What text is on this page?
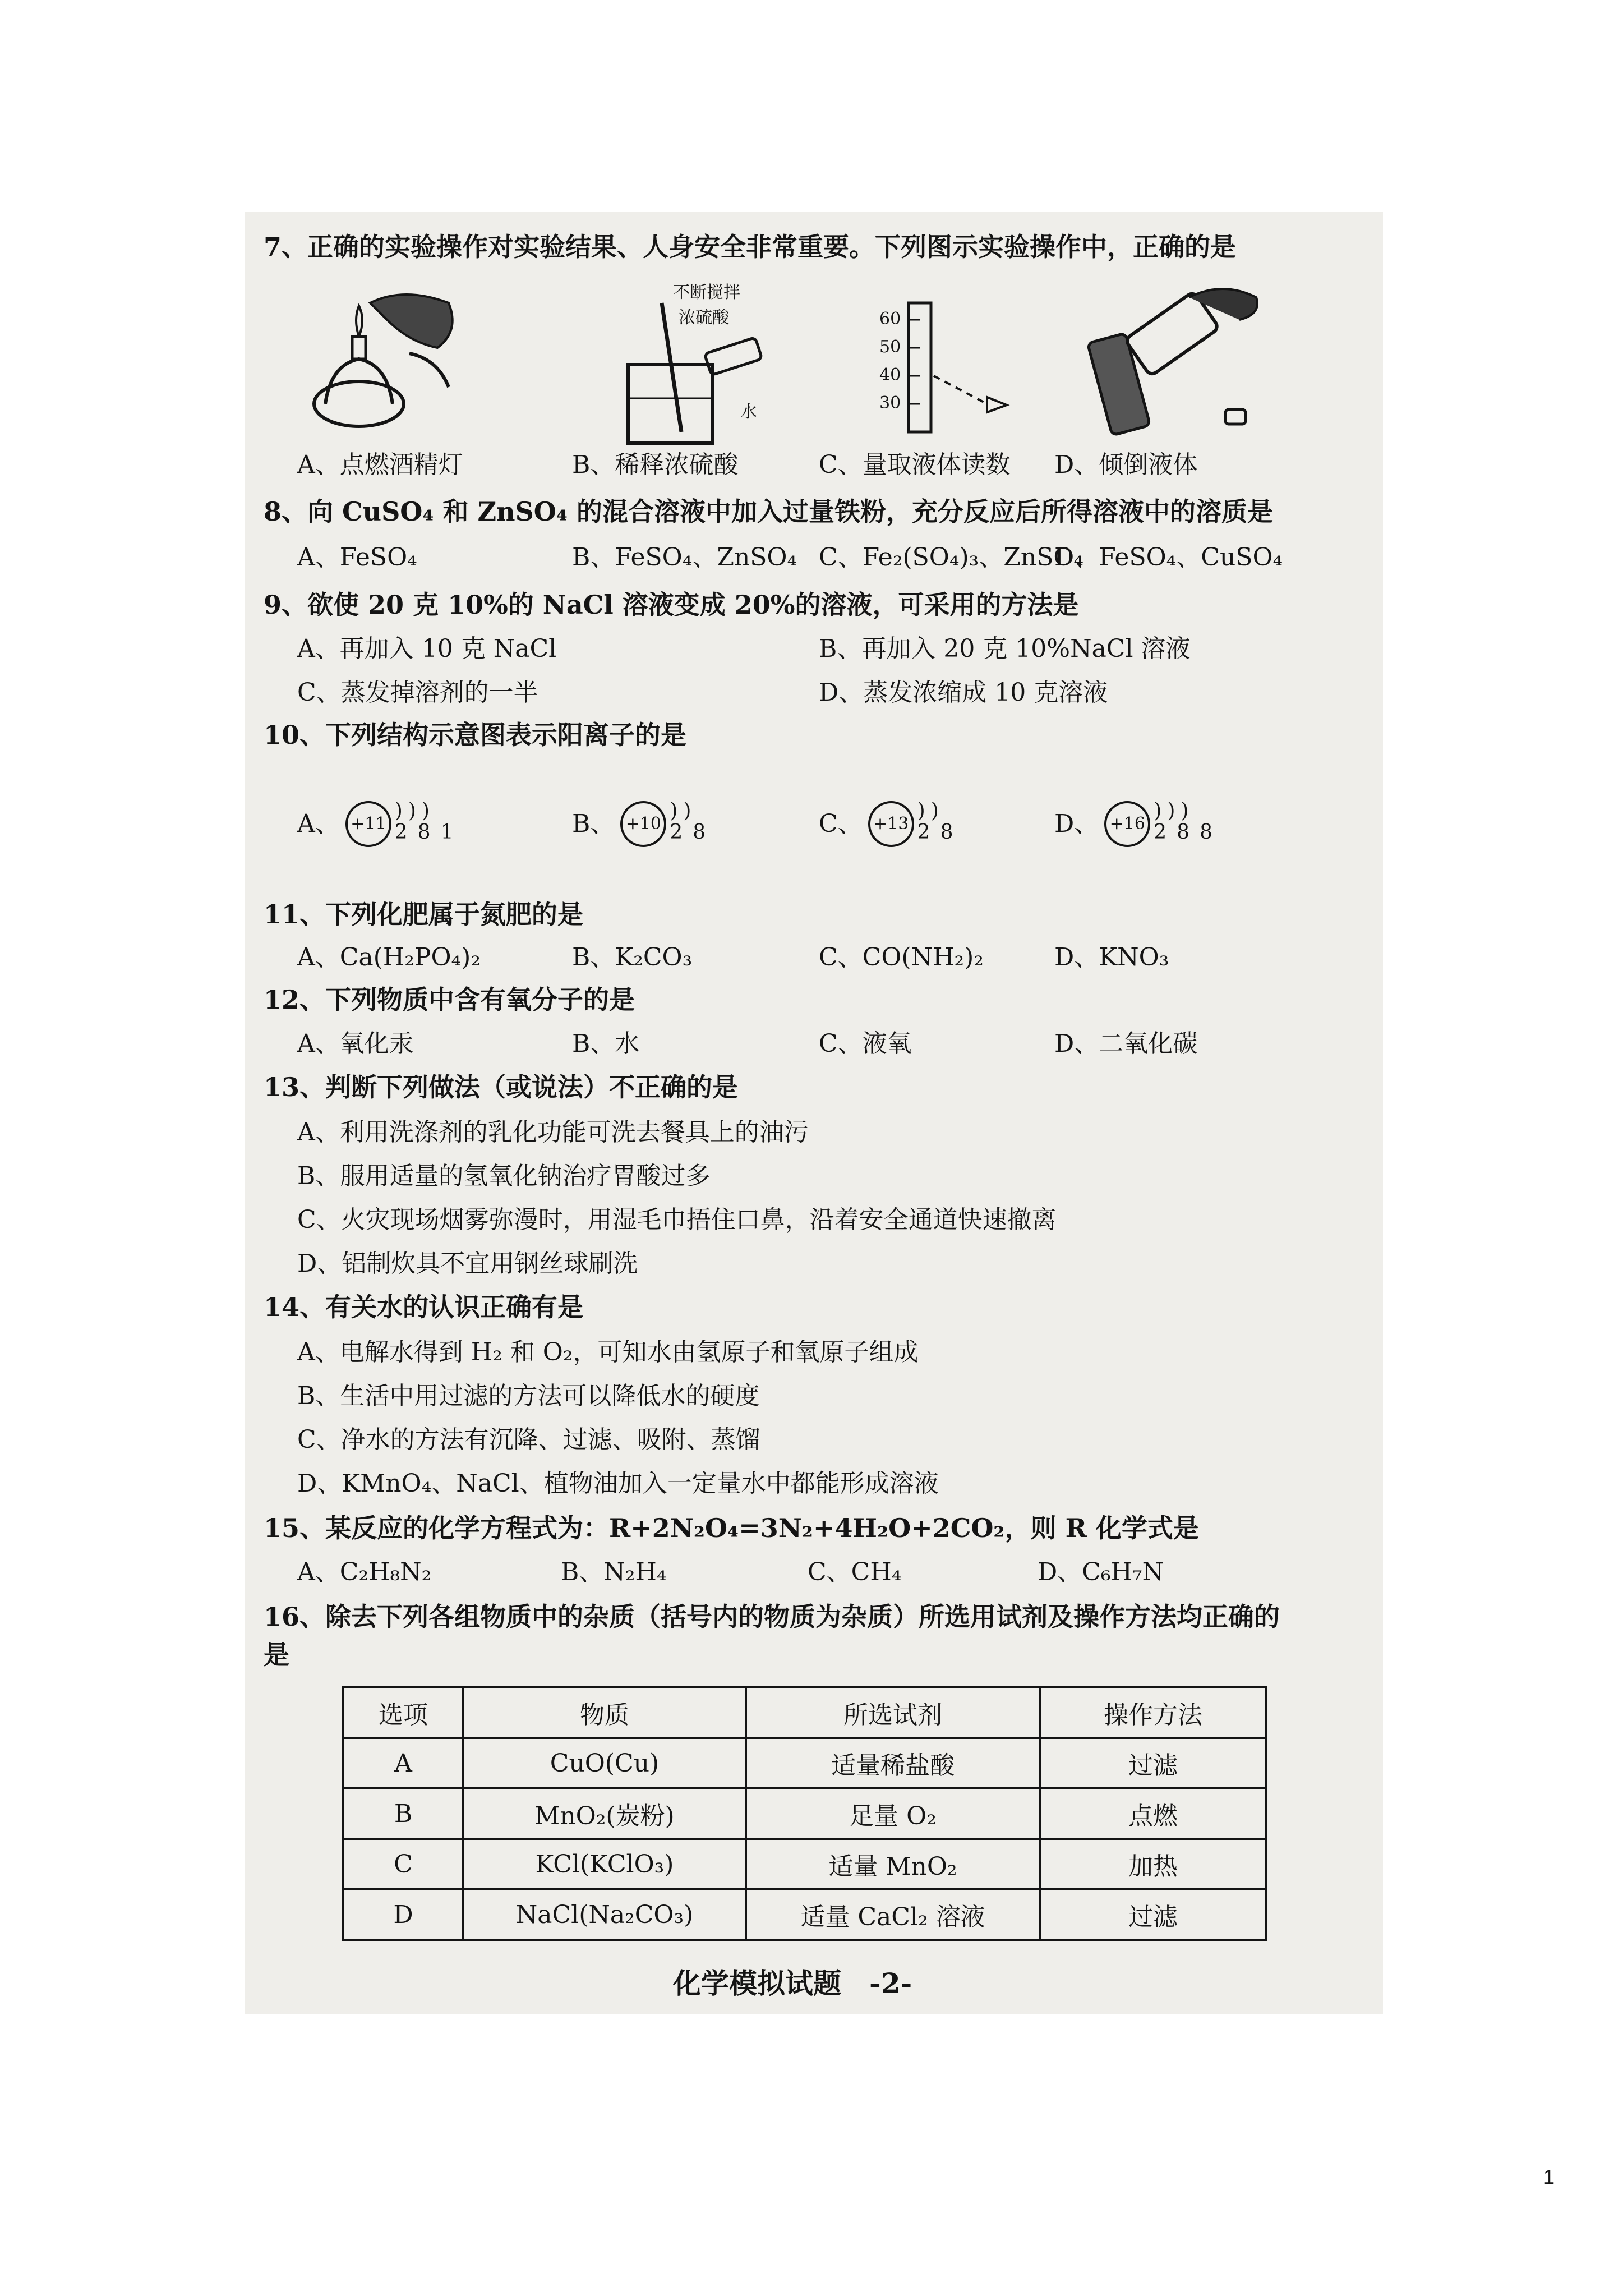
7、正确的实验操作对实验结果、人身安全非常重要。下列图示实验操作中，正确的是
不断搅拌
浓硫酸
水
60
50
40
30
A、点燃酒精灯	B、稀释浓硫酸	C、量取液体读数 D、倾倒液体
8、向 CuSO₄ 和 ZnSO₄ 的混合溶液中加入过量铁粉，充分反应后所得溶液中的溶质是
A、FeSO₄	B、FeSO₄、ZnSO₄ C、Fe₂(SO₄)₃、ZnSO₄
D、FeSO₄、CuSO₄
9、欲使 20 克 10%的 NaCl 溶液变成 20%的溶液，可采用的方法是
A、再加入 10 克 NaCl	B、再加入 20 克 10%NaCl 溶液
C、蒸发掉溶剂的一半	D、蒸发浓缩成 10 克溶液
10、下列结构示意图表示阳离子的是
A、 +11
)))
281	B、 +10
))
28	C、 +13
))
28	D、 +16
)))
288
11、下列化肥属于氮肥的是
A、Ca(H₂PO₄)₂	B、K₂CO₃	C、CO(NH₂)₂	D、KNO₃
12、下列物质中含有氧分子的是
A、氧化汞	B、水	C、液氧	D、二氧化碳
13、判断下列做法（或说法）不正确的是
A、利用洗涤剂的乳化功能可洗去餐具上的油污
B、服用适量的氢氧化钠治疗胃酸过多
C、火灾现场烟雾弥漫时，用湿毛巾捂住口鼻，沿着安全通道快速撤离
D、铝制炊具不宜用钢丝球刷洗
14、有关水的认识正确有是
A、电解水得到 H₂ 和 O₂，可知水由氢原子和氧原子组成
B、生活中用过滤的方法可以降低水的硬度
C、净水的方法有沉降、过滤、吸附、蒸馏
D、KMnO₄、NaCl、植物油加入一定量水中都能形成溶液
15、某反应的化学方程式为：R+2N₂O₄=3N₂+4H₂O+2CO₂，则 R 化学式是
A、C₂H₈N₂	B、N₂H₄	C、CH₄	D、C₆H₇N
16、除去下列各组物质中的杂质（括号内的物质为杂质）所选用试剂及操作方法均正确的
是
选项	物质	所选试剂	操作方法
A	CuO(Cu)	适量稀盐酸	过滤
B	MnO₂(炭粉)	足量 O₂	点燃
C	KCl(KClO₃)	适量 MnO₂	加热
D	NaCl(Na₂CO₃)	适量 CaCl₂ 溶液	过滤
化学模拟试题　-2-
1
